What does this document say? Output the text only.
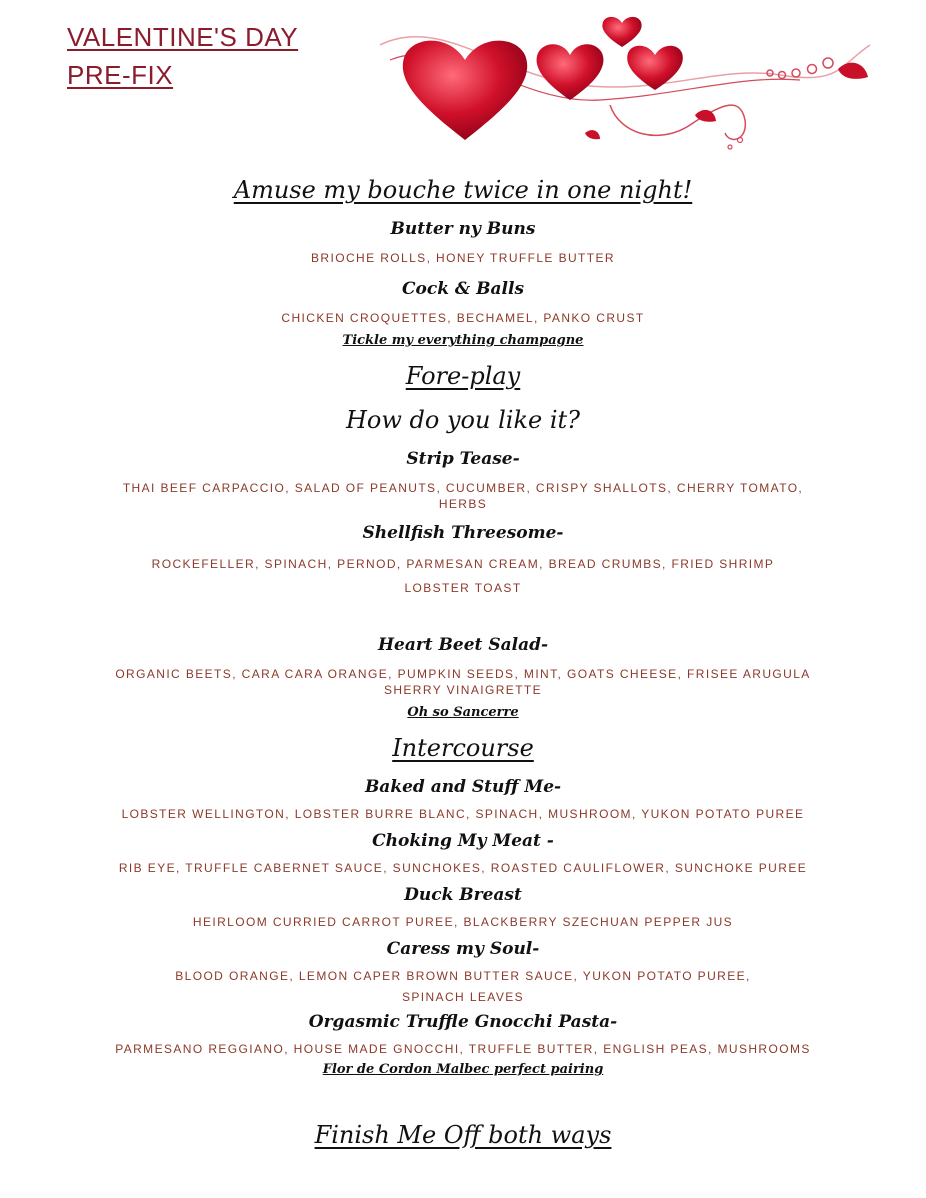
VALENTINE'S DAY
PRE-FIX

Amuse my bouche twice in one night!

Butter ny Buns

BRIOCHE ROLLS, HONEY TRUFFLE BUTTER

Cock & Balls

CHICKEN CROQUETTES, BECHAMEL, PANKO CRUST

Tickle my everything champagne

Fore-play

How do you like it?

Strip Tease-

THAI BEEF CARPACCIO, SALAD OF PEANUTS, CUCUMBER, CRISPY SHALLOTS, CHERRY TOMATO, HERBS

Shellfish Threesome-

ROCKEFELLER, SPINACH, PERNOD, PARMESAN CREAM, BREAD CRUMBS, FRIED SHRIMP

LOBSTER TOAST

Heart Beet Salad-

ORGANIC BEETS, CARA CARA ORANGE, PUMPKIN SEEDS, MINT, GOATS CHEESE, FRISEE ARUGULA SHERRY VINAIGRETTE

Oh so Sancerre

Intercourse

Baked and Stuff Me-

LOBSTER WELLINGTON, LOBSTER BURRE BLANC, SPINACH, MUSHROOM, YUKON POTATO PUREE

Choking My Meat -

RIB EYE, TRUFFLE CABERNET SAUCE, SUNCHOKES, ROASTED CAULIFLOWER, SUNCHOKE PUREE

Duck Breast

HEIRLOOM CURRIED CARROT PUREE, BLACKBERRY SZECHUAN PEPPER JUS

Caress my Soul-

BLOOD ORANGE, LEMON CAPER BROWN BUTTER SAUCE, YUKON POTATO PUREE,

SPINACH LEAVES

Orgasmic Truffle Gnocchi Pasta-

PARMESANO REGGIANO, HOUSE MADE GNOCCHI, TRUFFLE BUTTER, ENGLISH PEAS, MUSHROOMS

Flor de Cordon Malbec perfect pairing

Finish Me Off both ways
